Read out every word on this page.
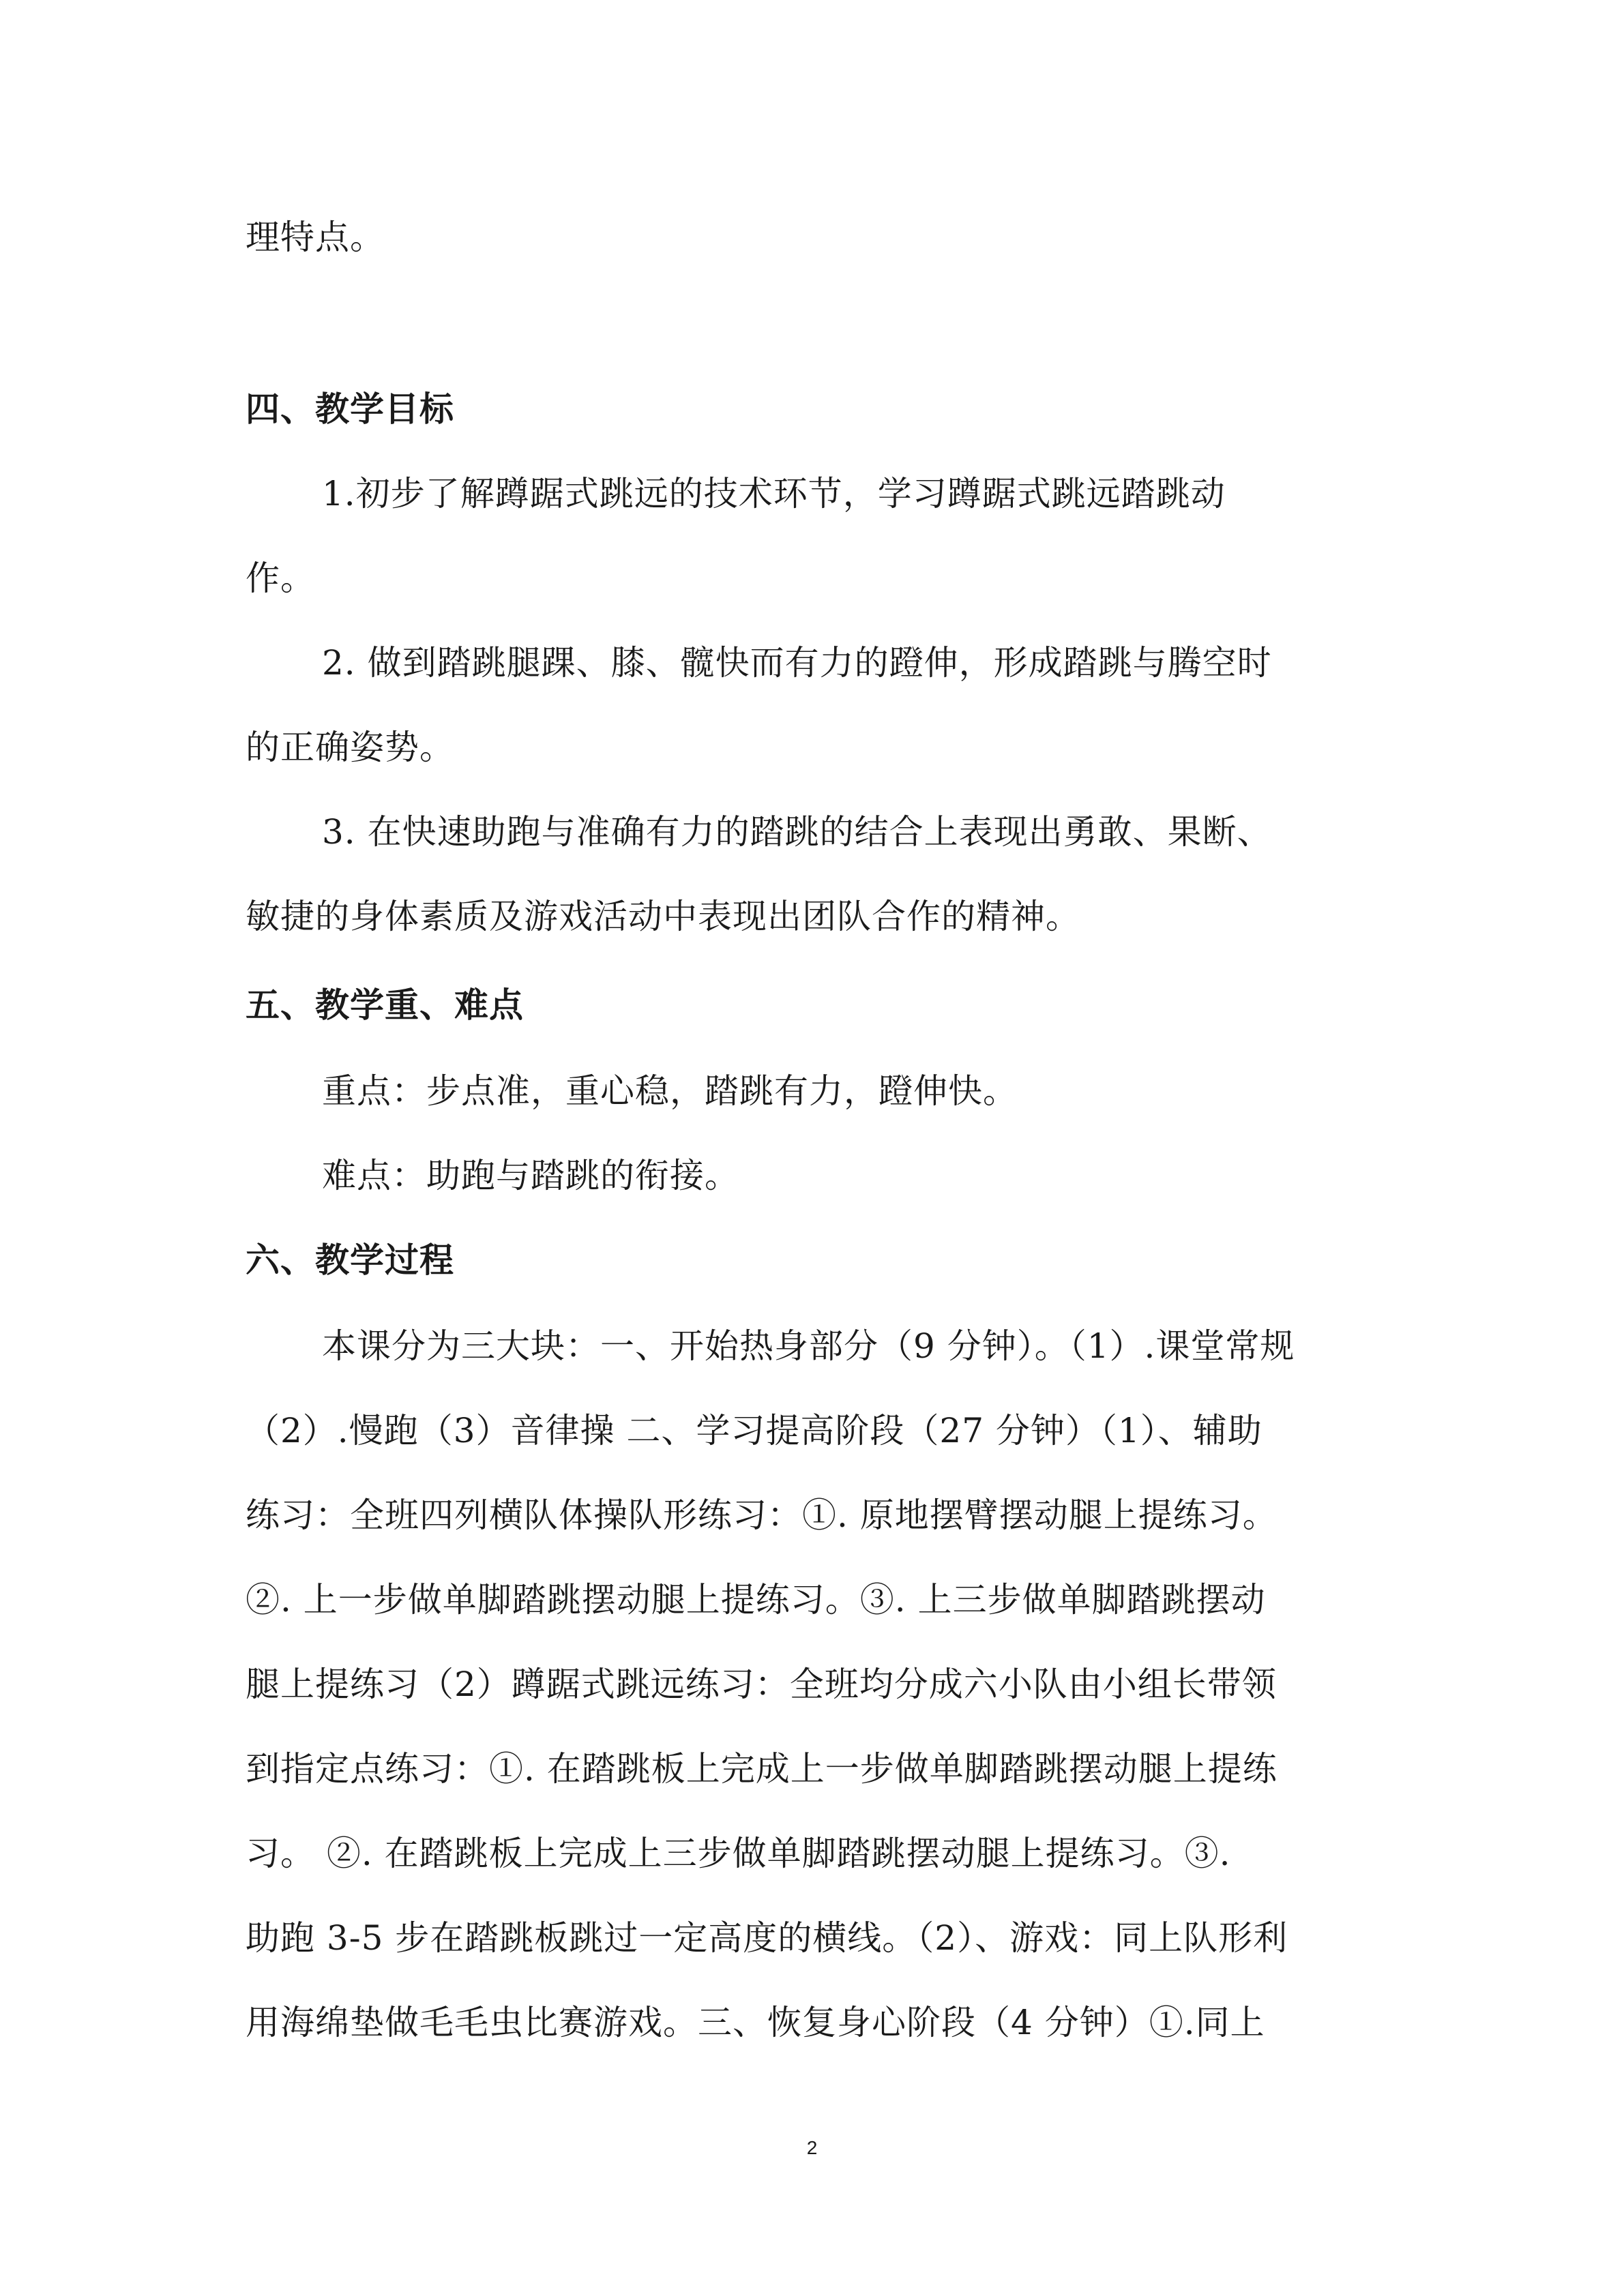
理特点。
四、教学目标
1.初步了解蹲踞式跳远的技术环节，学习蹲踞式跳远踏跳动
作。
2. 做到踏跳腿踝、膝、髋快而有力的蹬伸，形成踏跳与腾空时
的正确姿势。
3. 在快速助跑与准确有力的踏跳的结合上表现出勇敢、果断、
敏捷的身体素质及游戏活动中表现出团队合作的精神。
五、教学重、难点
重点：步点准，重心稳，踏跳有力，蹬伸快。
难点：助跑与踏跳的衔接。
六、教学过程
本课分为三大块：一、开始热身部分（9 分钟）。（1）.课堂常规
（2）.慢跑（3）音律操 二、学习提高阶段（27 分钟）（1）、辅助
练习：全班四列横队体操队形练习：①. 原地摆臂摆动腿上提练习。
②. 上一步做单脚踏跳摆动腿上提练习。③. 上三步做单脚踏跳摆动
腿上提练习（2）蹲踞式跳远练习：全班均分成六小队由小组长带领
到指定点练习：①. 在踏跳板上完成上一步做单脚踏跳摆动腿上提练
习。 ②. 在踏跳板上完成上三步做单脚踏跳摆动腿上提练习。③.
助跑 3-5 步在踏跳板跳过一定高度的横线。（2）、游戏：同上队形利
用海绵垫做毛毛虫比赛游戏。三、恢复身心阶段（4 分钟）①.同上
2
